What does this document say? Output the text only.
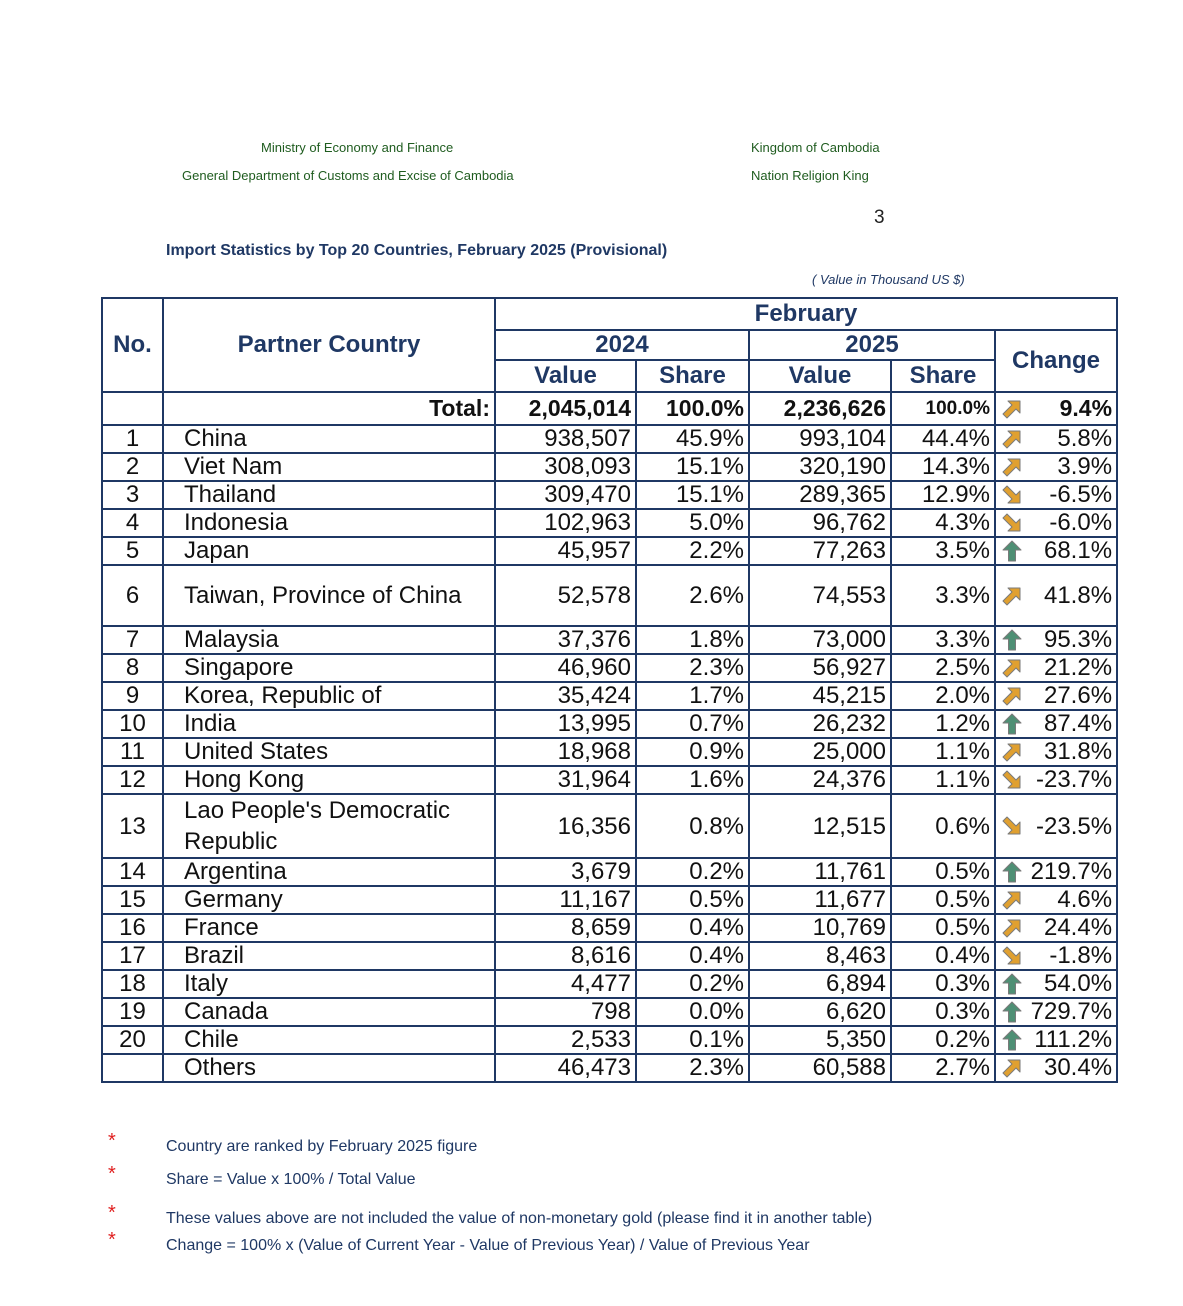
Ministry of Economy and Finance
General Department of Customs and Excise of Cambodia
Kingdom of Cambodia
Nation Religion King
3
Import Statistics by Top 20 Countries, February 2025 (Provisional)
( Value in Thousand US $)
No.	Partner Country	February				
		2024		2025		Change
		Value	Share	Value	Share	
	Total:	2,045,014	100.0%	2,236,626	100.0%	9.4%

1	China	938,507	45.9%	993,104	44.4%	5.8%

2	Viet Nam	308,093	15.1%	320,190	14.3%	3.9%

3	Thailand	309,470	15.1%	289,365	12.9%	-6.5%

4	Indonesia	102,963	5.0%	96,762	4.3%	-6.0%

5	Japan	45,957	2.2%	77,263	3.5%	68.1%

6	Taiwan, Province of China	52,578	2.6%	74,553	3.3%	41.8%

7	Malaysia	37,376	1.8%	73,000	3.3%	95.3%

8	Singapore	46,960	2.3%	56,927	2.5%	21.2%

9	Korea, Republic of	35,424	1.7%	45,215	2.0%	27.6%

10	India	13,995	0.7%	26,232	1.2%	87.4%

11	United States	18,968	0.9%	25,000	1.1%	31.8%

12	Hong Kong	31,964	1.6%	24,376	1.1%	-23.7%

13	Lao People's Democratic Republic	16,356	0.8%	12,515	0.6%	-23.5%

14	Argentina	3,679	0.2%	11,761	0.5%	219.7%

15	Germany	11,167	0.5%	11,677	0.5%	4.6%

16	France	8,659	0.4%	10,769	0.5%	24.4%

17	Brazil	8,616	0.4%	8,463	0.4%	-1.8%

18	Italy	4,477	0.2%	6,894	0.3%	54.0%

19	Canada	798	0.0%	6,620	0.3%	729.7%

20	Chile	2,533	0.1%	5,350	0.2%	111.2%

	Others	46,473	2.3%	60,588	2.7%	30.4%
*	Country are ranked by February 2025 figure
*	Share = Value x 100% / Total Value
*	These values above are not included the value of non-monetary gold (please find it in another table)
*	Change = 100% x (Value of Current Year - Value of Previous Year) / Value of Previous Year
